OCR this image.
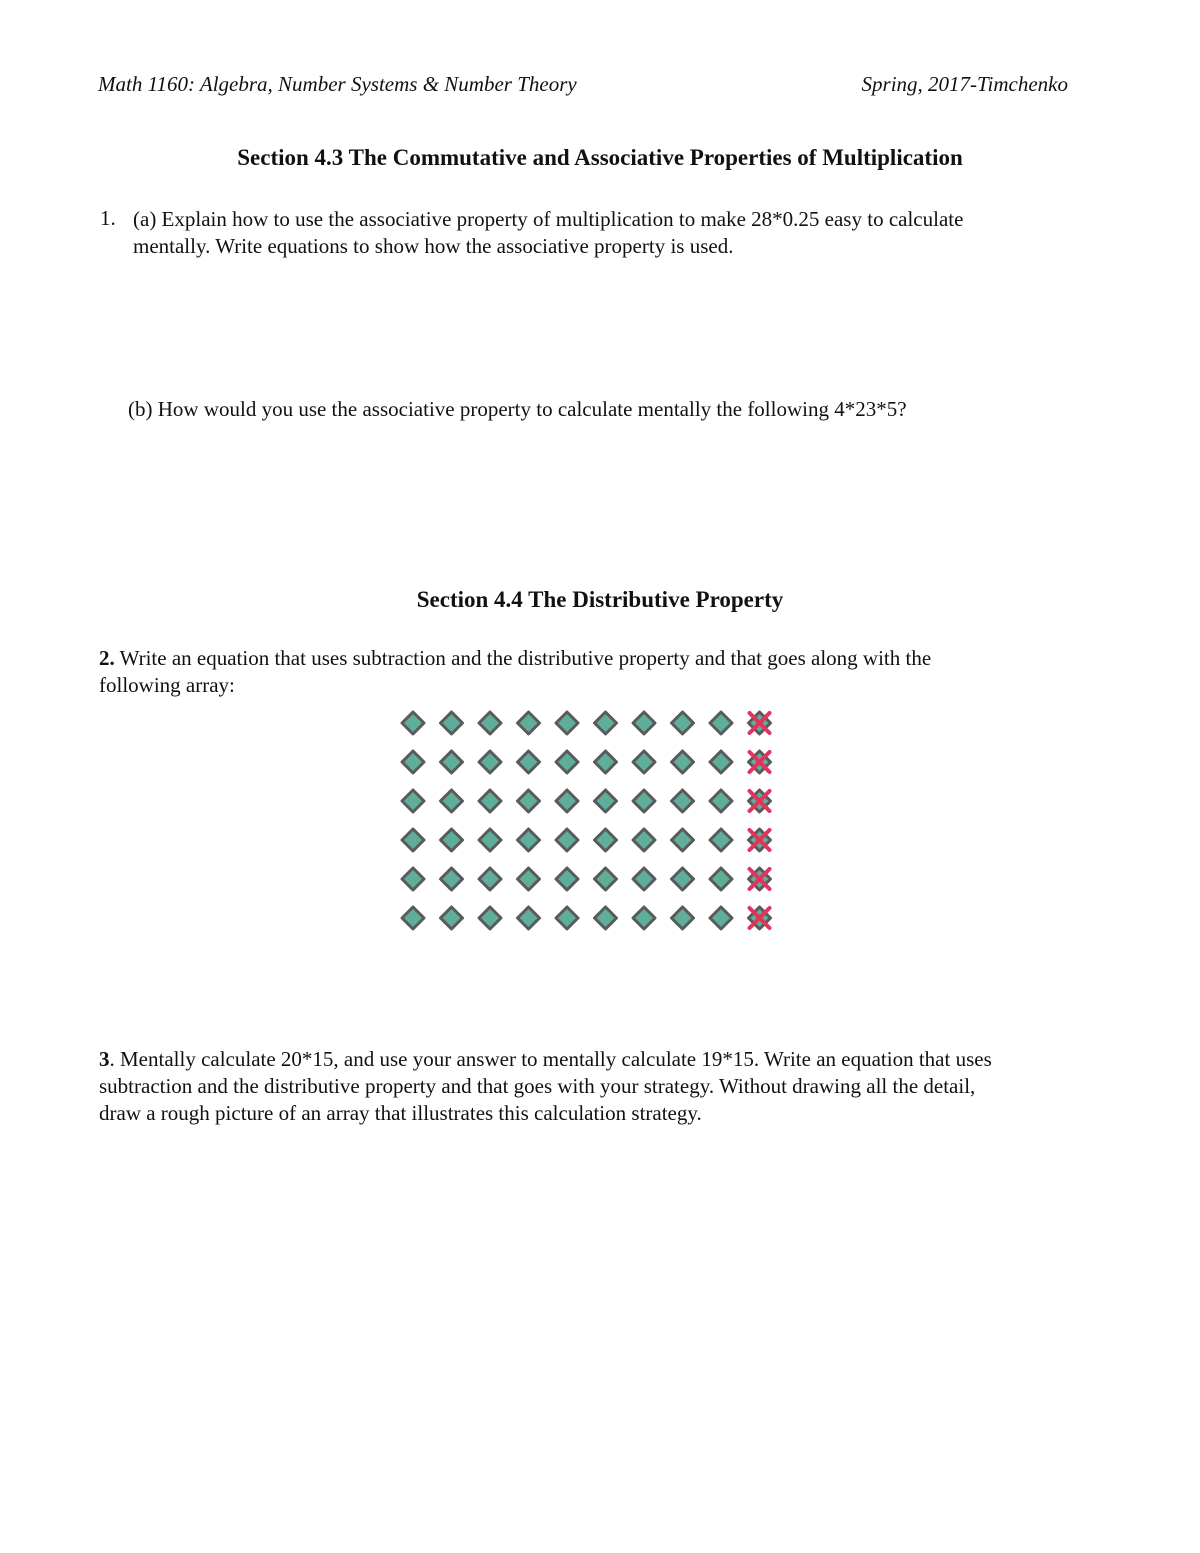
Math 1160: Algebra, Number Systems & Number Theory	Spring, 2017-Timchenko
Section 4.3 The Commutative and Associative Properties of Multiplication
1. (a) Explain how to use the associative property of multiplication to make 28*0.25 easy to calculate
mentally. Write equations to show how the associative property is used.
(b) How would you use the associative property to calculate mentally the following 4*23*5?
Section 4.4 The Distributive Property
2. Write an equation that uses subtraction and the distributive property and that goes along with the
following array:
3. Mentally calculate 20*15, and use your answer to mentally calculate 19*15. Write an equation that uses
subtraction and the distributive property and that goes with your strategy. Without drawing all the detail,
draw a rough picture of an array that illustrates this calculation strategy.
